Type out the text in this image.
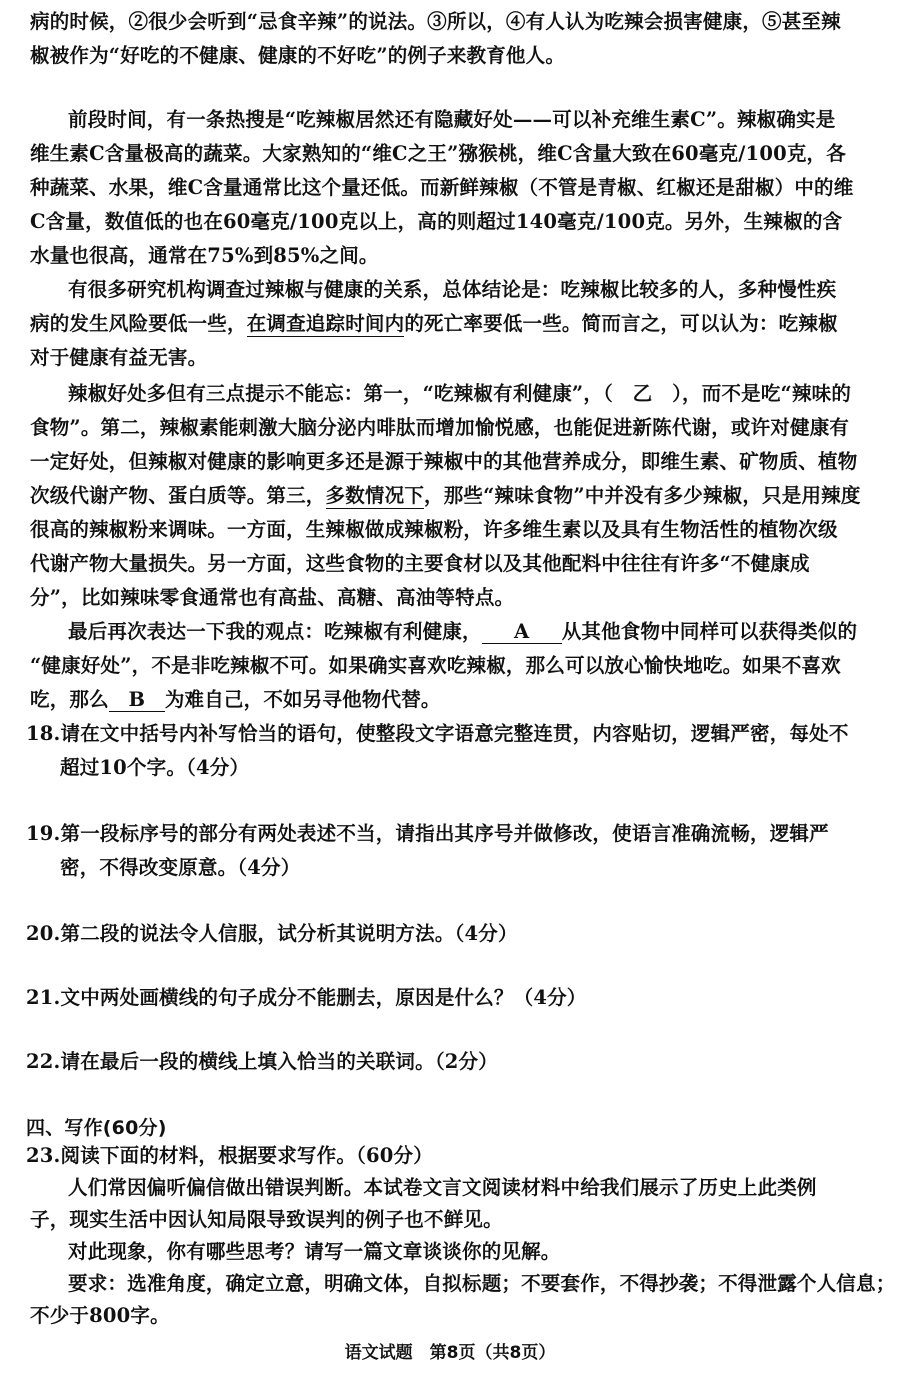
病的时候，②很少会听到“忌食辛辣”的说法。③所以，④有人认为吃辣会损害健康，⑤甚至辣
椒被作为“好吃的不健康、健康的不好吃”的例子来教育他人。
前段时间，有一条热搜是“吃辣椒居然还有隐藏好处——可以补充维生素C”。辣椒确实是
维生素C含量极高的蔬菜。大家熟知的“维C之王”猕猴桃，维C含量大致在60毫克/100克，各
种蔬菜、水果，维C含量通常比这个量还低。而新鲜辣椒（不管是青椒、红椒还是甜椒）中的维
C含量，数值低的也在60毫克/100克以上，高的则超过140毫克/100克。另外，生辣椒的含
水量也很高，通常在75%到85%之间。
有很多研究机构调查过辣椒与健康的关系，总体结论是：吃辣椒比较多的人，多种慢性疾
病的发生风险要低一些，在调查追踪时间内的死亡率要低一些。简而言之，可以认为：吃辣椒
对于健康有益无害。
辣椒好处多但有三点提示不能忘：第一，“吃辣椒有利健康”，（　乙　），而不是吃“辣味的
食物”。第二，辣椒素能刺激大脑分泌内啡肽而增加愉悦感，也能促进新陈代谢，或许对健康有
一定好处，但辣椒对健康的影响更多还是源于辣椒中的其他营养成分，即维生素、矿物质、植物
次级代谢产物、蛋白质等。第三，多数情况下，那些“辣味食物”中并没有多少辣椒，只是用辣度
很高的辣椒粉来调味。一方面，生辣椒做成辣椒粉，许多维生素以及具有生物活性的植物次级
代谢产物大量损失。另一方面，这些食物的主要食材以及其他配料中往往有许多“不健康成
分”，比如辣味零食通常也有高盐、高糖、高油等特点。
最后再次表达一下我的观点：吃辣椒有利健康， A 从其他食物中同样可以获得类似的
“健康好处”，不是非吃辣椒不可。如果确实喜欢吃辣椒，那么可以放心愉快地吃。如果不喜欢
吃，那么 B 为难自己，不如另寻他物代替。
18.请在文中括号内补写恰当的语句，使整段文字语意完整连贯，内容贴切，逻辑严密，每处不
超过10个字。（4分）
19.第一段标序号的部分有两处表述不当，请指出其序号并做修改，使语言准确流畅，逻辑严
密，不得改变原意。（4分）
20.第二段的说法令人信服，试分析其说明方法。（4分）
21.文中两处画横线的句子成分不能删去，原因是什么？（4分）
22.请在最后一段的横线上填入恰当的关联词。（2分）
四、写作(60分)
23.阅读下面的材料，根据要求写作。（60分）
人们常因偏听偏信做出错误判断。本试卷文言文阅读材料中给我们展示了历史上此类例
子，现实生活中因认知局限导致误判的例子也不鲜见。
对此现象，你有哪些思考？请写一篇文章谈谈你的见解。
要求：选准角度，确定立意，明确文体，自拟标题；不要套作，不得抄袭；不得泄露个人信息；
不少于800字。
语文试题　第8页（共8页）
